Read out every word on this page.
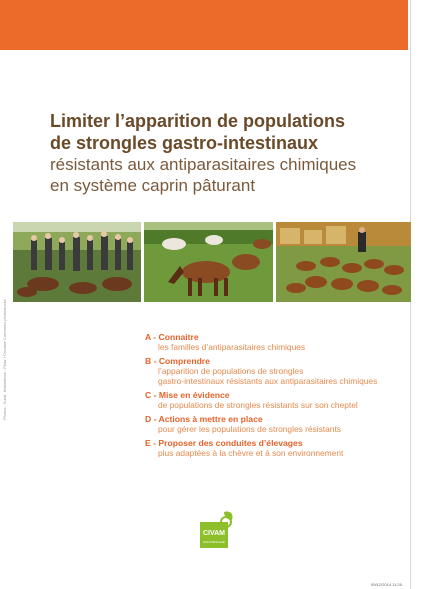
Limiter l’apparition de populations
de strongles gastro-intestinaux
résistants aux antiparasitaires chimiques
en système caprin pâturant
Photos : Surat. Illustrations : Flickr / Creative Commons photostocks	A - Connaitre
les familles d’antiparasitaires chimiques
B - Comprendre
l’apparition de populations de strongles
gastro-intestinaux résistants aux antiparasitaires chimiques
C - Mise en évidence
de populations de strongles résistants sur son cheptel
D - Actions à mettre en place
pour gérer les populations de strongles résistants
E - Proposer des conduites d’élevages
plus adaptées à la chèvre et à son environnement
CIVAM
HAUT-BOCAGE
09/12/2014 11:26
